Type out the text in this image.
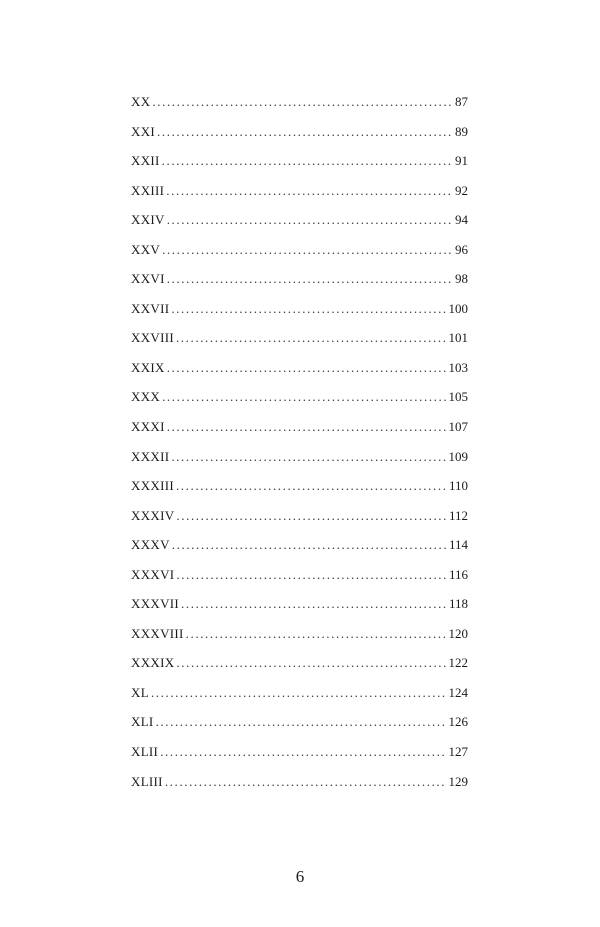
XX .....	87
XXI .....	89
XXII .....	91
XXIII .....	92
XXIV .....	94
XXV .....	96
XXVI .....	98
XXVII .....	100
XXVIII .....	101
XXIX .....	103
XXX .....	105
XXXI .....	107
XXXII .....	109
XXXIII .....	110
XXXIV .....	112
XXXV .....	114
XXXVI .....	116
XXXVII .....	118
XXXVIII .....	120
XXXIX .....	122
XL .....	124
XLI .....	126
XLII .....	127
XLIII .....	129
6
